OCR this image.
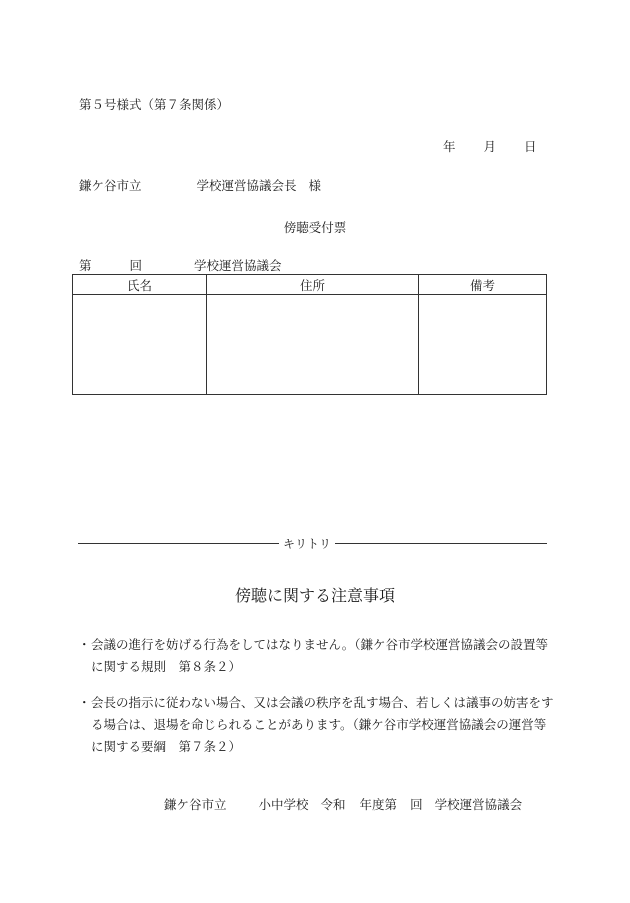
第５号様式（第７条関係）
年 月 日
鎌ケ谷市立	学校運営協議会長 様
傍聴受付票
第	回	学校運営協議会
氏名	住所	備考

キリトリ
傍聴に関する注意事項
・ 会議の進行を妨げる行為をしてはなりません。（鎌ケ谷市学校運営協議会の設置等に関する規則　第８条２）
・ 会長の指示に従わない場合、又は会議の秩序を乱す場合、若しくは議事の妨害をする場合は、退場を命じられることがあります。（鎌ケ谷市学校運営協議会の運営等に関する要綱　第７条２）
鎌ケ谷市立	小中学校 令和 年度第 回 学校運営協議会
